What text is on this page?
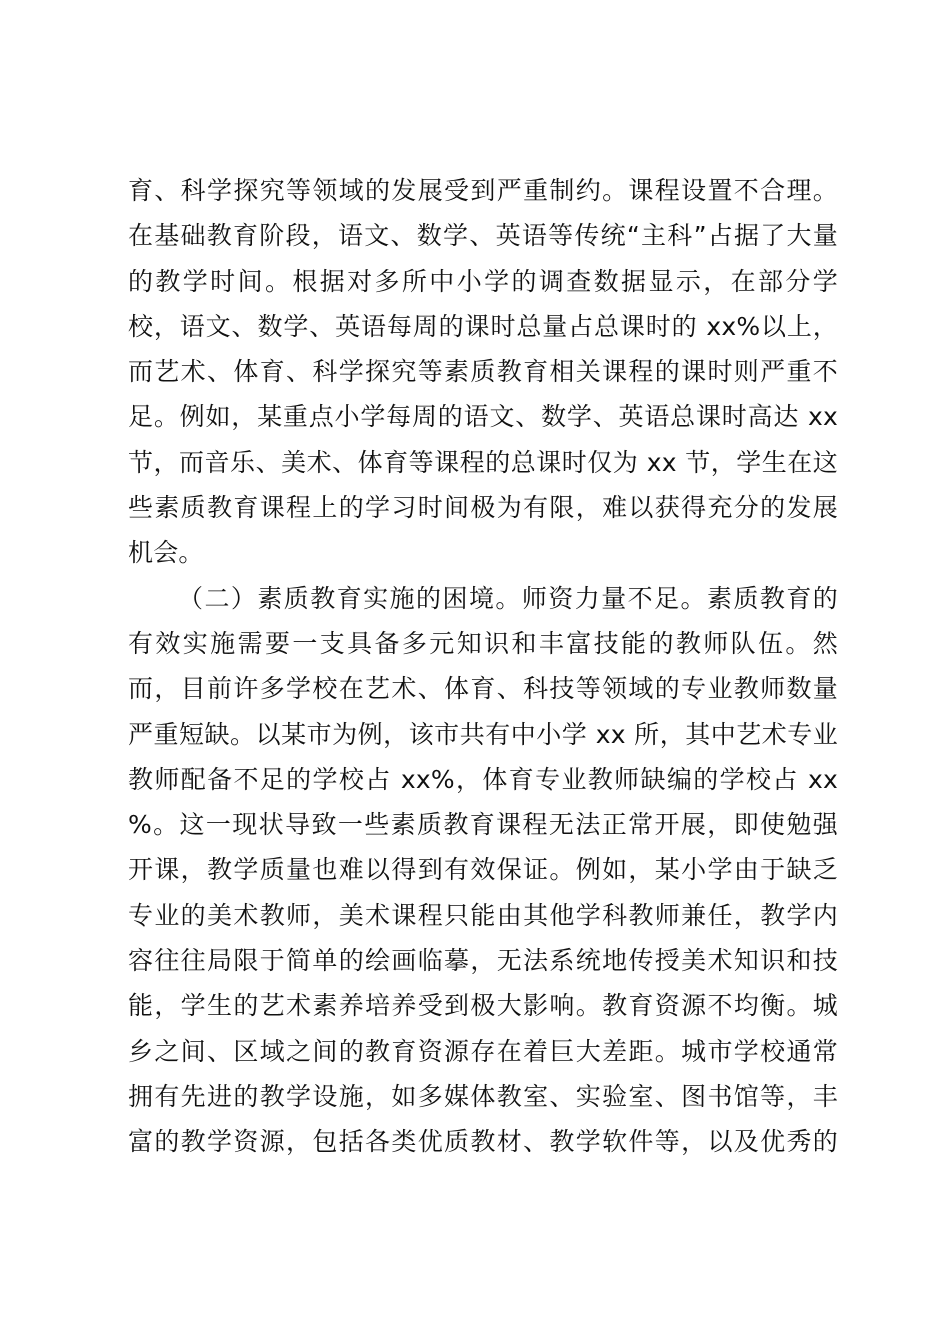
育、科学探究等领域的发展受到严重制约。课程设置不合理。
在基础教育阶段，语文、数学、英语等传统“主科”占据了大量
的教学时间。根据对多所中小学的调查数据显示，在部分学
校，语文、数学、英语每周的课时总量占总课时的 xx%以上，
而艺术、体育、科学探究等素质教育相关课程的课时则严重不
足。例如，某重点小学每周的语文、数学、英语总课时高达 xx
节，而音乐、美术、体育等课程的总课时仅为 xx 节，学生在这
些素质教育课程上的学习时间极为有限，难以获得充分的发展
机会。
（二）素质教育实施的困境。师资力量不足。素质教育的
有效实施需要一支具备多元知识和丰富技能的教师队伍。然
而，目前许多学校在艺术、体育、科技等领域的专业教师数量
严重短缺。以某市为例，该市共有中小学 xx 所，其中艺术专业
教师配备不足的学校占 xx%，体育专业教师缺编的学校占 xx
%。这一现状导致一些素质教育课程无法正常开展，即使勉强
开课，教学质量也难以得到有效保证。例如，某小学由于缺乏
专业的美术教师，美术课程只能由其他学科教师兼任，教学内
容往往局限于简单的绘画临摹，无法系统地传授美术知识和技
能，学生的艺术素养培养受到极大影响。教育资源不均衡。城
乡之间、区域之间的教育资源存在着巨大差距。城市学校通常
拥有先进的教学设施，如多媒体教室、实验室、图书馆等，丰
富的教学资源，包括各类优质教材、教学软件等，以及优秀的
